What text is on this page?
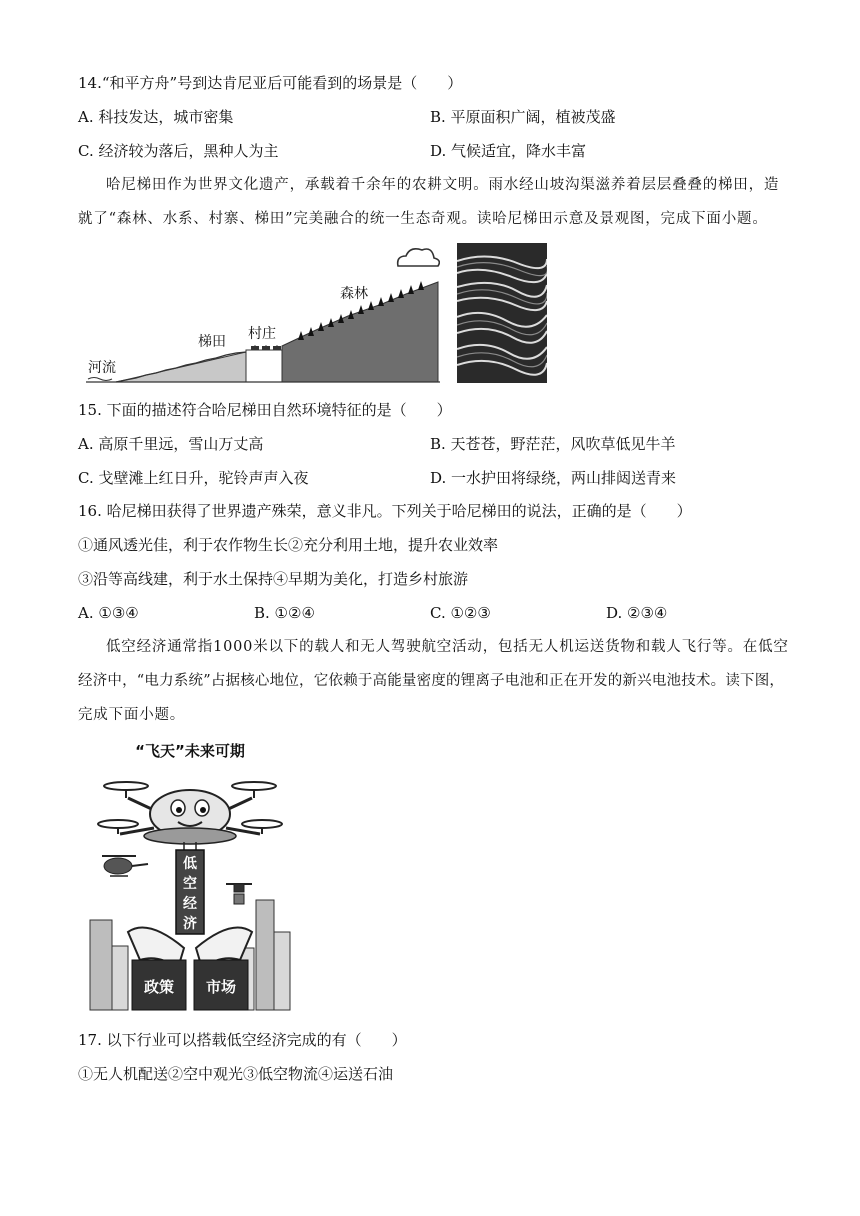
14.“和平方舟”号到达肯尼亚后可能看到的场景是（　　）
A. 科技发达，城市密集	B. 平原面积广阔，植被茂盛
C. 经济较为落后，黑种人为主	D. 气候适宜，降水丰富
哈尼梯田作为世界文化遗产，承载着千余年的农耕文明。雨水经山坡沟渠滋养着层层叠叠的梯田，造
就了“森林、水系、村寨、梯田”完美融合的统一生态奇观。读哈尼梯田示意及景观图，完成下面小题。
森林
村庄
梯田
河流
15. 下面的描述符合哈尼梯田自然环境特征的是（　　）
A. 高原千里远，雪山万丈高	B. 天苍苍，野茫茫，风吹草低见牛羊
C. 戈壁滩上红日升，驼铃声声入夜	D. 一水护田将绿绕，两山排闼送青来
16. 哈尼梯田获得了世界遗产殊荣，意义非凡。下列关于哈尼梯田的说法，正确的是（　　）
①通风透光佳，利于农作物生长②充分利用土地，提升农业效率
③沿等高线建，利于水土保持④早期为美化，打造乡村旅游
A. ①③④	B. ①②④	C. ①②③	D. ②③④
低空经济通常指1000米以下的载人和无人驾驶航空活动，包括无人机运送货物和载人飞行等。在低空
经济中，“电力系统”占据核心地位，它依赖于高能量密度的锂离子电池和正在开发的新兴电池技术。读下图，
完成下面小题。
“飞天”未来可期
低
空
经
济
政策 市场
17. 以下行业可以搭载低空经济完成的有（　　）
①无人机配送②空中观光③低空物流④运送石油
